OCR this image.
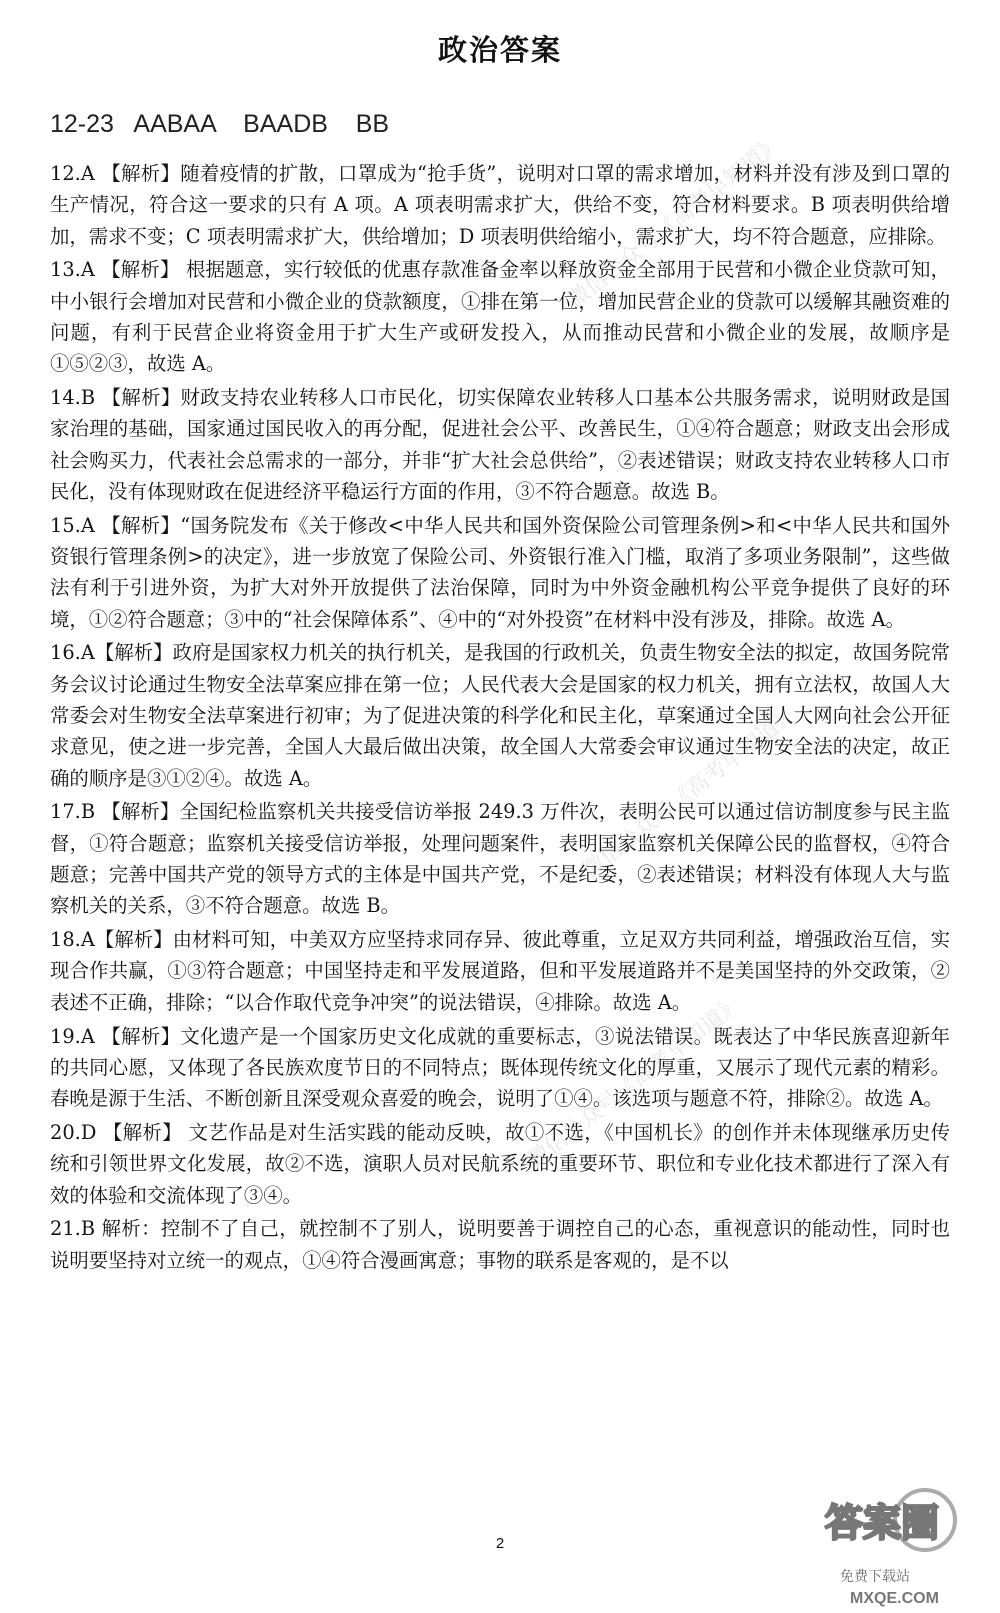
微信公众号《高考早知道》
微信公众号《高考早知道》
微信公众号《高考早知道》
政治答案
12-23   AABAA    BAADB    BB

12.A 【解析】随着疫情的扩散，口罩成为“抢手货”，说明对口罩的需求增加，材料并没有涉及到口罩的生产情况，符合这一要求的只有 A 项。A 项表明需求扩大，供给不变，符合材料要求。B 项表明供给增加，需求不变；C 项表明需求扩大，供给增加；D 项表明供给缩小，需求扩大，均不符合题意，应排除。

13.A 【解析】 根据题意，实行较低的优惠存款准备金率以释放资金全部用于民营和小微企业贷款可知，中小银行会增加对民营和小微企业的贷款额度，①排在第一位，增加民营企业的贷款可以缓解其融资难的问题，有利于民营企业将资金用于扩大生产或研发投入，从而推动民营和小微企业的发展，故顺序是①⑤②③，故选 A。

14.B 【解析】财政支持农业转移人口市民化，切实保障农业转移人口基本公共服务需求，说明财政是国家治理的基础，国家通过国民收入的再分配，促进社会公平、改善民生，①④符合题意；财政支出会形成社会购买力，代表社会总需求的一部分，并非“扩大社会总供给”，②表述错误；财政支持农业转移人口市民化，没有体现财政在促进经济平稳运行方面的作用，③不符合题意。故选 B。

15.A 【解析】“国务院发布《关于修改<中华人民共和国外资保险公司管理条例>和<中华人民共和国外资银行管理条例>的决定》，进一步放宽了保险公司、外资银行准入门槛，取消了多项业务限制”，这些做法有利于引进外资，为扩大对外开放提供了法治保障，同时为中外资金融机构公平竞争提供了良好的环境，①②符合题意；③中的“社会保障体系”、④中的“对外投资”在材料中没有涉及，排除。故选 A。

16.A【解析】政府是国家权力机关的执行机关，是我国的行政机关，负责生物安全法的拟定，故国务院常务会议讨论通过生物安全法草案应排在第一位；人民代表大会是国家的权力机关，拥有立法权，故国人大常委会对生物安全法草案进行初审；为了促进决策的科学化和民主化，草案通过全国人大网向社会公开征求意见，使之进一步完善，全国人大最后做出决策，故全国人大常委会审议通过生物安全法的决定，故正确的顺序是③①②④。故选 A。

17.B 【解析】全国纪检监察机关共接受信访举报 249.3 万件次，表明公民可以通过信访制度参与民主监督，①符合题意；监察机关接受信访举报，处理问题案件，表明国家监察机关保障公民的监督权，④符合题意；完善中国共产党的领导方式的主体是中国共产党，不是纪委，②表述错误；材料没有体现人大与监察机关的关系，③不符合题意。故选 B。

18.A【解析】由材料可知，中美双方应坚持求同存异、彼此尊重，立足双方共同利益，增强政治互信，实现合作共赢，①③符合题意；中国坚持走和平发展道路，但和平发展道路并不是美国坚持的外交政策，②表述不正确，排除；“以合作取代竞争冲突”的说法错误，④排除。故选 A。

19.A 【解析】文化遗产是一个国家历史文化成就的重要标志，③说法错误。既表达了中华民族喜迎新年的共同心愿，又体现了各民族欢度节日的不同特点；既体现传统文化的厚重，又展示了现代元素的精彩。春晚是源于生活、不断创新且深受观众喜爱的晚会，说明了①④。该选项与题意不符，排除②。故选 A。

20.D 【解析】 文艺作品是对生活实践的能动反映，故①不选，《中国机长》的创作并未体现继承历史传统和引领世界文化发展，故②不选，演职人员对民航系统的重要环节、职位和专业化技术都进行了深入有效的体验和交流体现了③④。

21.B 解析：控制不了自己，就控制不了别人，说明要善于调控自己的心态，重视意识的能动性，同时也说明要坚持对立统一的观点，①④符合漫画寓意；事物的联系是客观的，是不以

2	答案圈
免费下载站
MXQE.COM
